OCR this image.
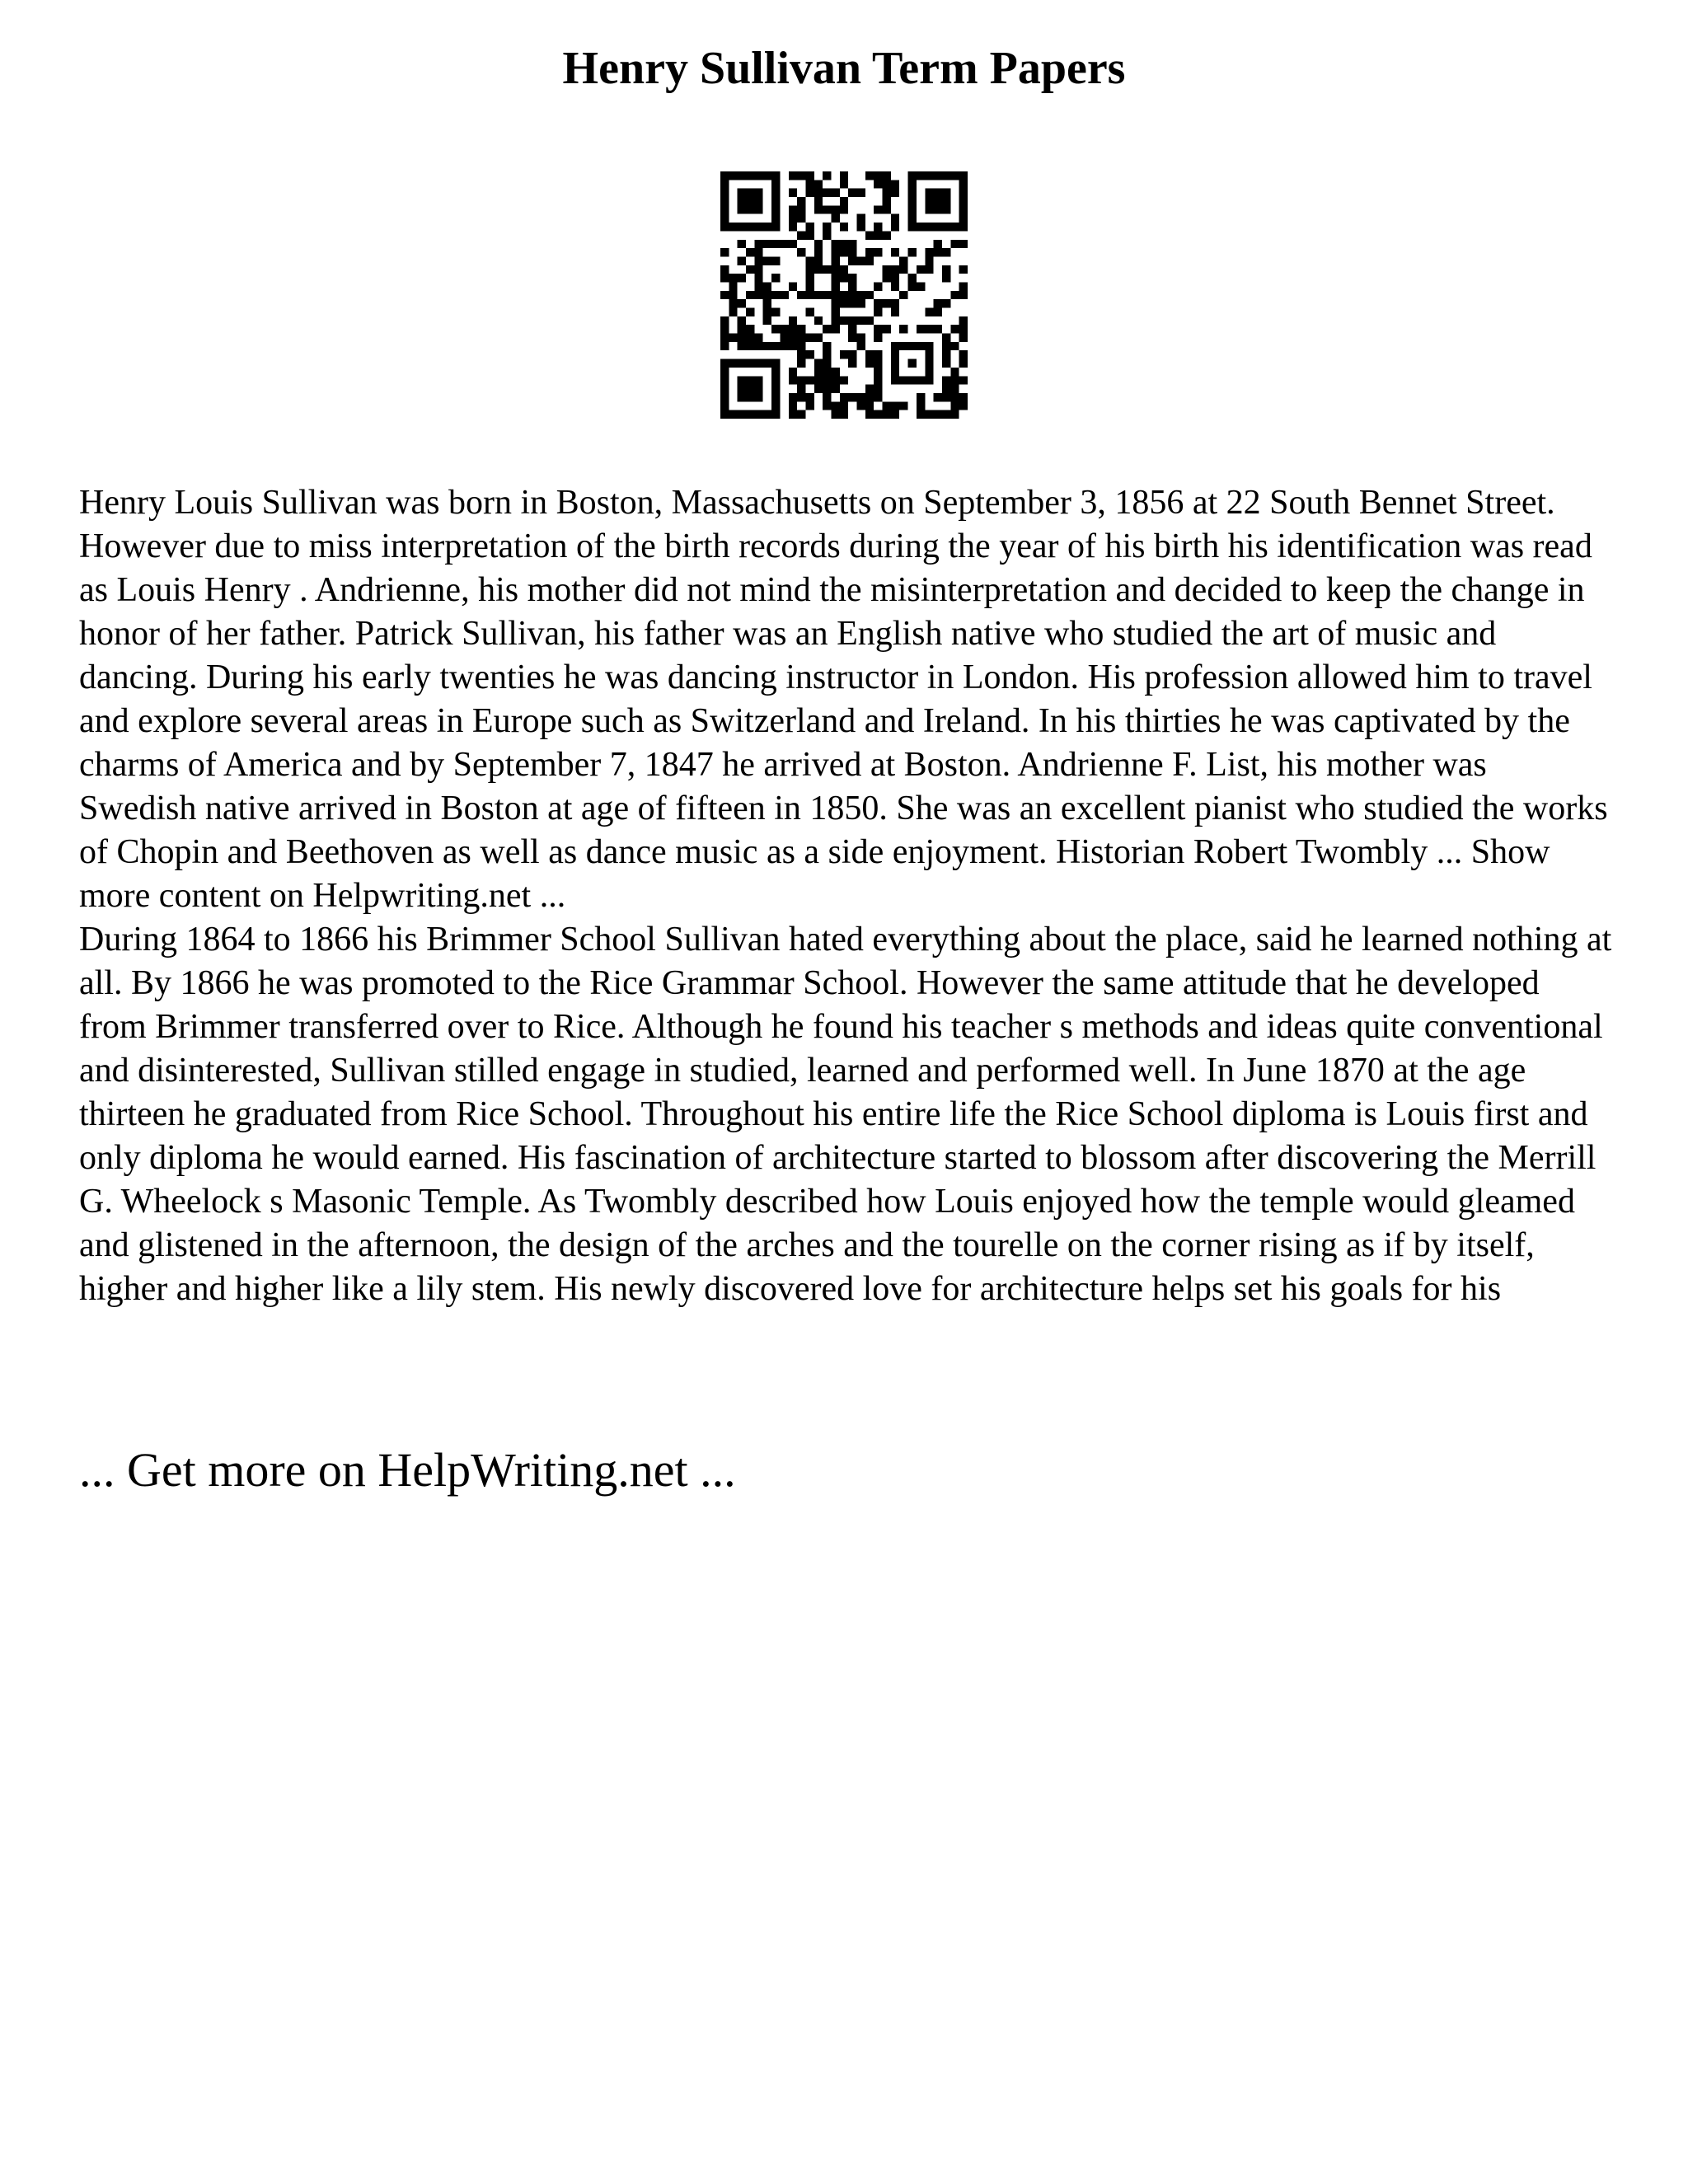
Henry Sullivan Term Papers

Henry Louis Sullivan was born in Boston, Massachusetts on September 3, 1856 at 22 South Bennet Street. However due to miss interpretation of the birth records during the year of his birth his identification was read as Louis Henry . Andrienne, his mother did not mind the misinterpretation and decided to keep the change in honor of her father. Patrick Sullivan, his father was an English native who studied the art of music and dancing. During his early twenties he was dancing instructor in London. His profession allowed him to travel and explore several areas in Europe such as Switzerland and Ireland. In his thirties he was captivated by the charms of America and by September 7, 1847 he arrived at Boston. Andrienne F. List, his mother was Swedish native arrived in Boston at age of fifteen in 1850. She was an excellent pianist who studied the works of Chopin and Beethoven as well as dance music as a side enjoyment. Historian Robert Twombly ... Show more content on Helpwriting.net ...

During 1864 to 1866 his Brimmer School Sullivan hated everything about the place, said he learned nothing at all. By 1866 he was promoted to the Rice Grammar School. However the same attitude that he developed from Brimmer transferred over to Rice. Although he found his teacher s methods and ideas quite conventional and disinterested, Sullivan stilled engage in studied, learned and performed well. In June 1870 at the age thirteen he graduated from Rice School. Throughout his entire life the Rice School diploma is Louis first and only diploma he would earned. His fascination of architecture started to blossom after discovering the Merrill G. Wheelock s Masonic Temple. As Twombly described how Louis enjoyed how the temple would gleamed and glistened in the afternoon, the design of the arches and the tourelle on the corner rising as if by itself, higher and higher like a lily stem. His newly discovered love for architecture helps set his goals for his

... Get more on HelpWriting.net ...
